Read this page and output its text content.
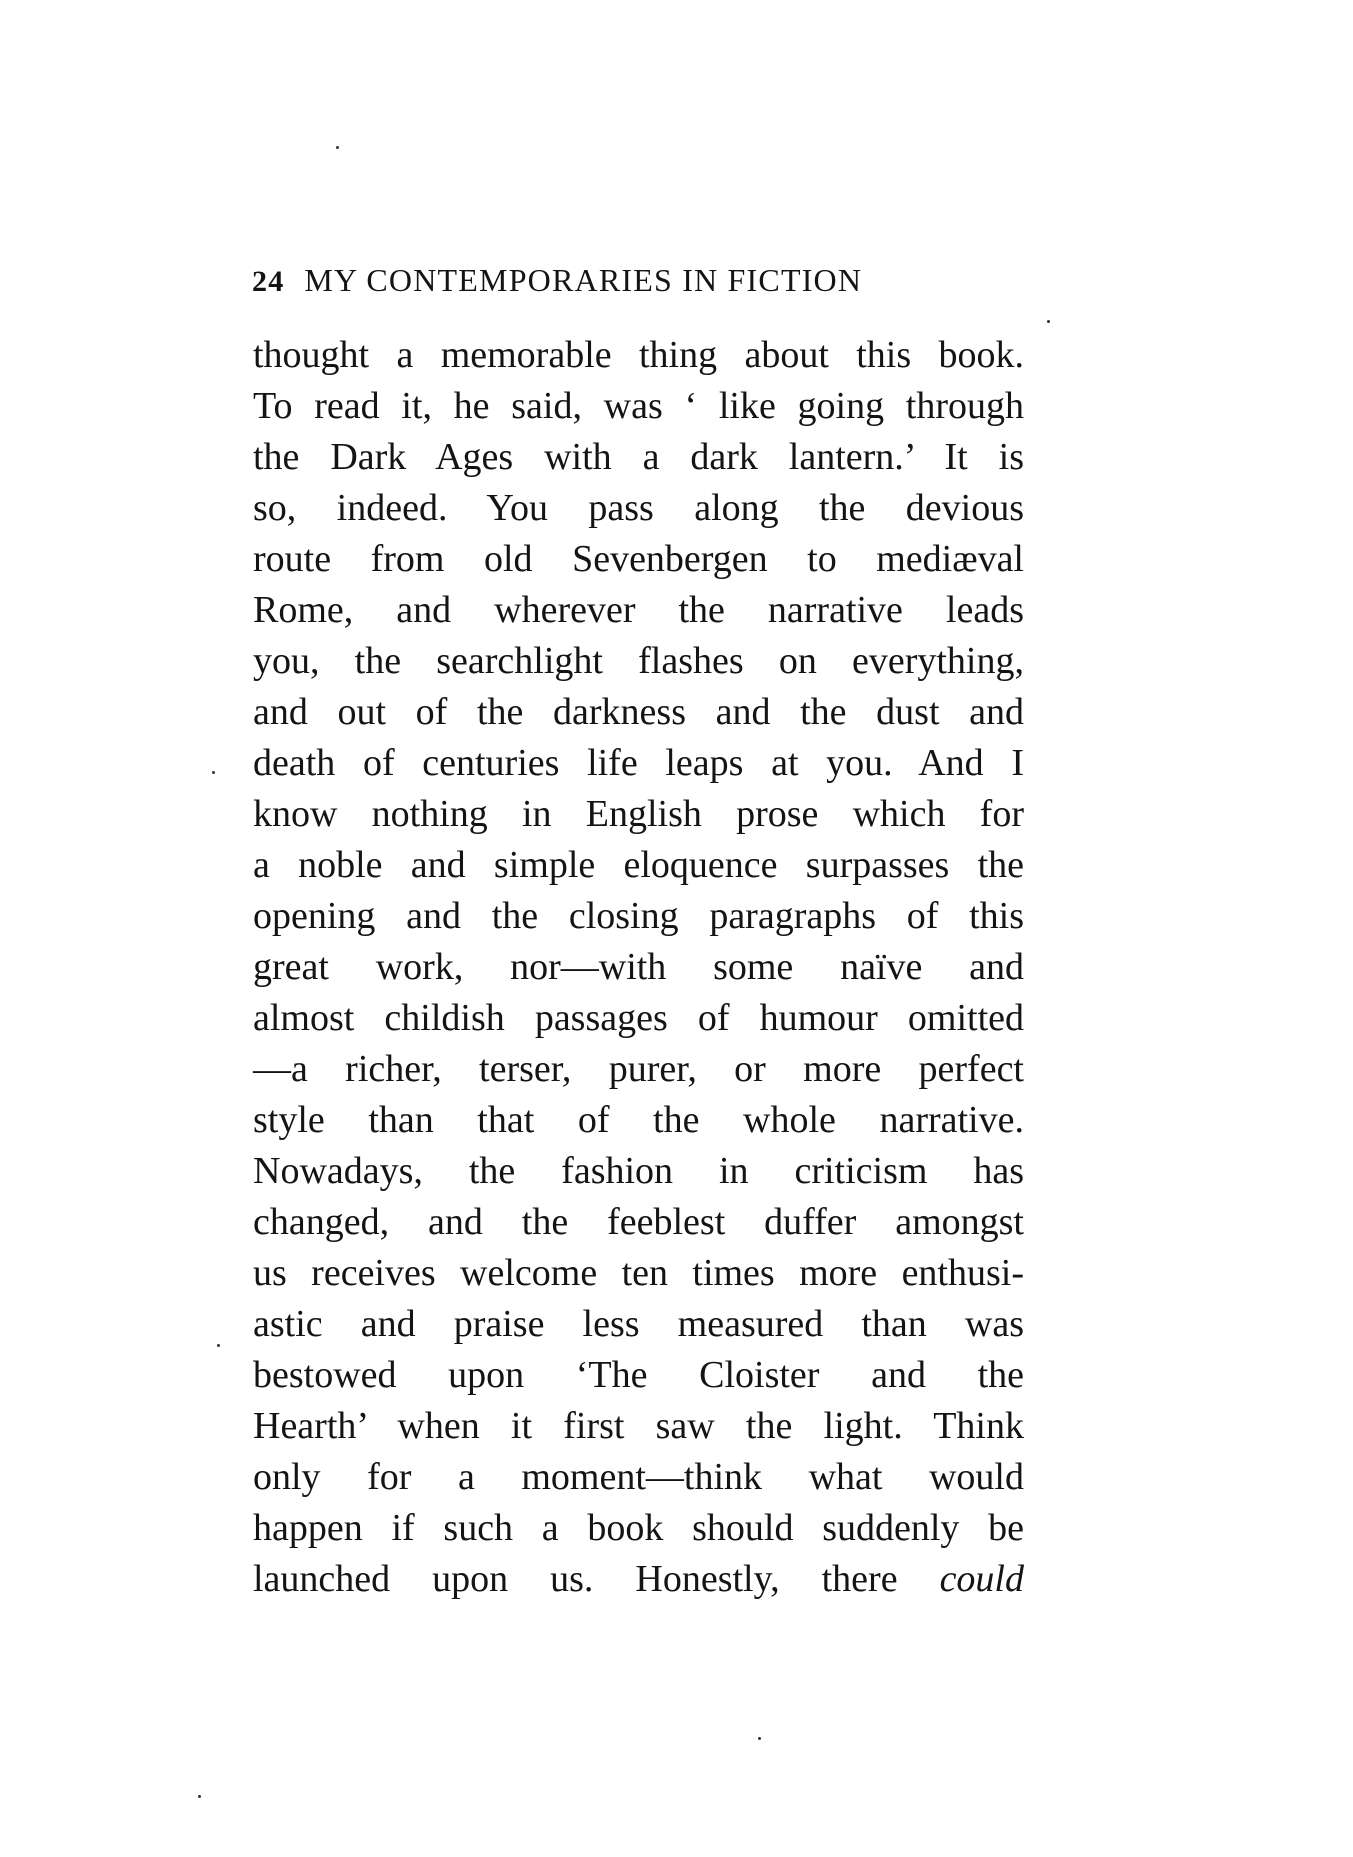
24 MY CONTEMPORARIES IN FICTION
thought a memorable thing about this book.
To read it, he said, was ‘ like going through
the Dark Ages with a dark lantern.’ It is
so, indeed. You pass along the devious
route from old Sevenbergen to mediæval
Rome, and wherever the narrative leads
you, the searchlight flashes on everything,
and out of the darkness and the dust and
death of centuries life leaps at you. And I
know nothing in English prose which for
a noble and simple eloquence surpasses the
opening and the closing paragraphs of this
great work, nor—with some naïve and
almost childish passages of humour omitted
—a richer, terser, purer, or more perfect
style than that of the whole narrative.
Nowadays, the fashion in criticism has
changed, and the feeblest duffer amongst
us receives welcome ten times more enthusi-
astic and praise less measured than was
bestowed upon ‘The Cloister and the
Hearth’ when it first saw the light. Think
only for a moment—think what would
happen if such a book should suddenly be
launched upon us. Honestly, there could
